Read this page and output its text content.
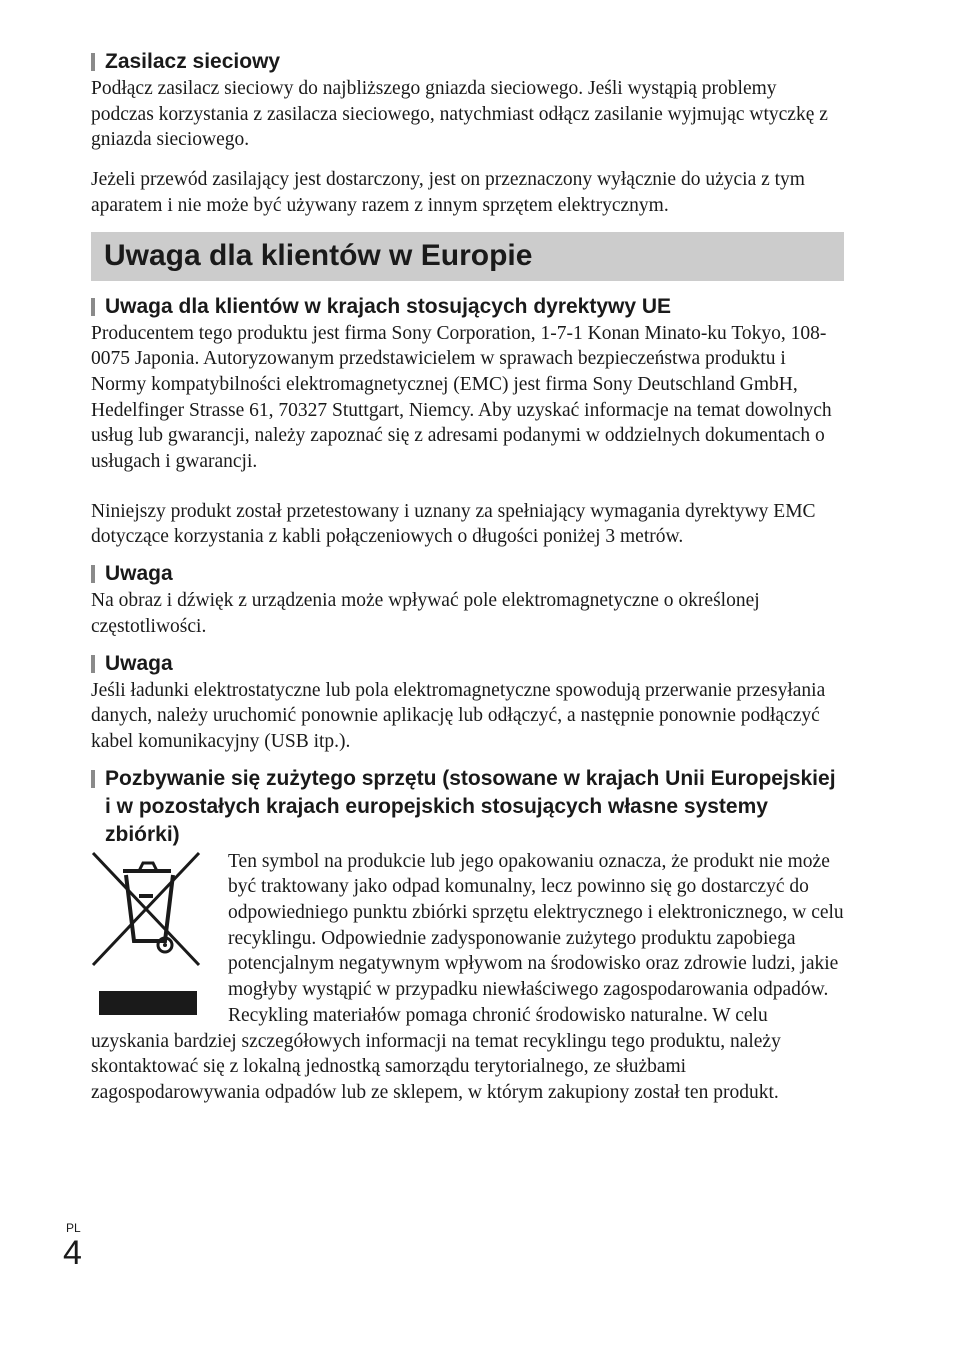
Zasilacz sieciowy

Podłącz zasilacz sieciowy do najbliższego gniazda sieciowego. Jeśli wystąpią problemy podczas korzystania z zasilacza sieciowego, natychmiast odłącz zasilanie wyjmując wtyczkę z gniazda sieciowego.

Jeżeli przewód zasilający jest dostarczony, jest on przeznaczony wyłącznie do użycia z tym aparatem i nie może być używany razem z innym sprzętem elektrycznym.

Uwaga dla klientów w Europie
Uwaga dla klientów w krajach stosujących dyrektywy UE

Producentem tego produktu jest firma Sony Corporation, 1-7-1 Konan Minato-ku Tokyo, 108-0075 Japonia. Autoryzowanym przedstawicielem w sprawach bezpieczeństwa produktu i Normy kompatybilności elektromagnetycznej (EMC) jest firma Sony Deutschland GmbH, Hedelfinger Strasse 61, 70327 Stuttgart, Niemcy. Aby uzyskać informacje na temat dowolnych usług lub gwarancji, należy zapoznać się z adresami podanymi w oddzielnych dokumentach o usługach i gwarancji.

Niniejszy produkt został przetestowany i uznany za spełniający wymagania dyrektywy EMC dotyczące korzystania z kabli połączeniowych o długości poniżej 3 metrów.

Uwaga

Na obraz i dźwięk z urządzenia może wpływać pole elektromagnetyczne o określonej częstotliwości.

Uwaga

Jeśli ładunki elektrostatyczne lub pola elektromagnetyczne spowodują przerwanie przesyłania danych, należy uruchomić ponownie aplikację lub odłączyć, a następnie ponownie podłączyć kabel komunikacyjny (USB itp.).

Pozbywanie się zużytego sprzętu (stosowane w krajach Unii Europejskiej i w pozostałych krajach europejskich stosujących własne systemy zbiórki)

Ten symbol na produkcie lub jego opakowaniu oznacza, że produkt nie może być traktowany jako odpad komunalny, lecz powinno się go dostarczyć do odpowiedniego punktu zbiórki sprzętu elektrycznego i elektronicznego, w celu recyklingu. Odpowiednie zadysponowanie zużytego produktu zapobiega potencjalnym negatywnym wpływom na środowisko oraz zdrowie ludzi, jakie mogłyby wystąpić w przypadku niewłaściwego zagospodarowania odpadów. Recykling materiałów pomaga chronić środowisko naturalne. W celu uzyskania bardziej szczegółowych informacji na temat recyklingu tego produktu, należy skontaktować się z lokalną jednostką samorządu terytorialnego, ze służbami zagospodarowywania odpadów lub ze sklepem, w którym zakupiony został ten produkt.

PL
4
